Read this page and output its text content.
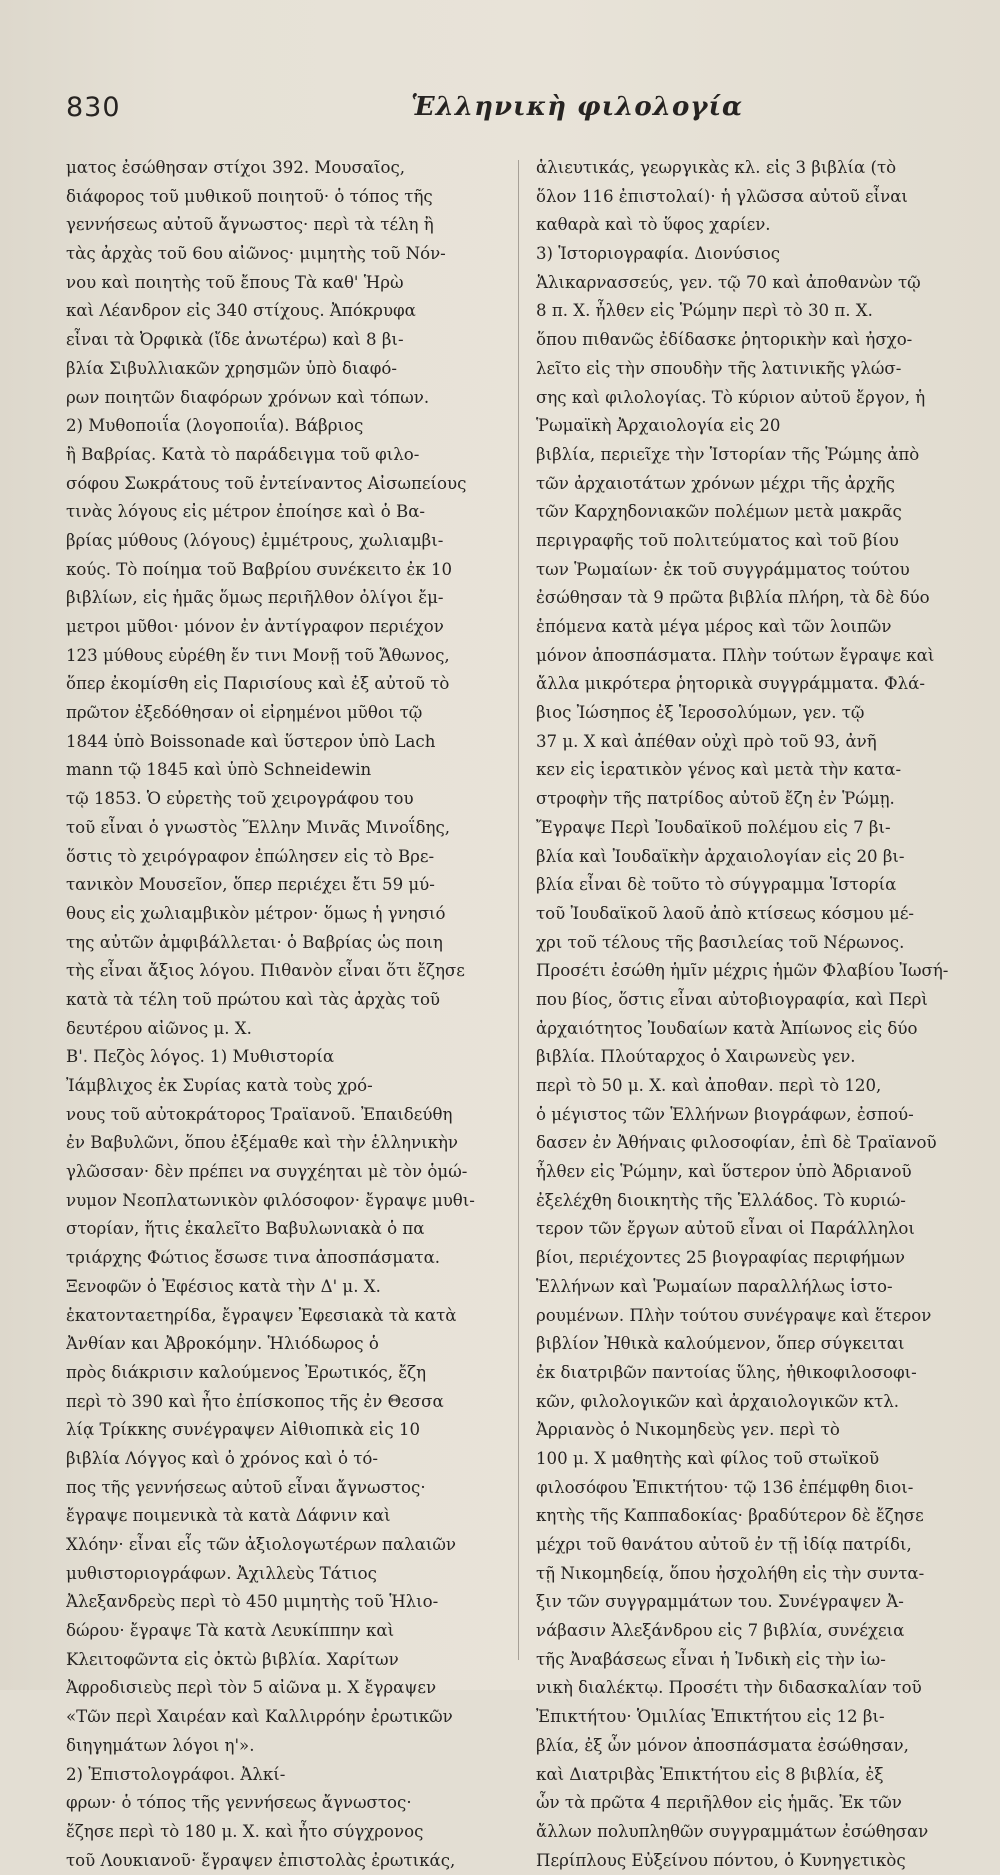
830	Ἑλληνικὴ φιλολογία
ματος ἐσώθησαν στίχοι 392. Μουσαῖος,
διάφορος τοῦ μυθικοῦ ποιητοῦ· ὁ τόπος τῆς
γεννήσεως αὐτοῦ ἄγνωστος· περὶ τὰ τέλη ἢ
τὰς ἀρχὰς τοῦ 6ου αἰῶνος· μιμητὴς τοῦ Νόν-
νου καὶ ποιητὴς τοῦ ἔπους Τὰ καθ' Ἡρὼ
καὶ Λέανδρον εἰς 340 στίχους. Ἀπόκρυφα
εἶναι τὰ Ὀρφικὰ (ἴδε ἀνωτέρω) καὶ 8 βι-
βλία Σιβυλλιακῶν χρησμῶν ὑπὸ διαφό-
ρων ποιητῶν διαφόρων χρόνων καὶ τόπων.
2) Μυθοποιΐα (λογοποιΐα). Βάβριος
ἢ Βαβρίας. Κατὰ τὸ παράδειγμα τοῦ φιλο-
σόφου Σωκράτους τοῦ ἐντείναντος Αἰσωπείους
τινὰς λόγους εἰς μέτρον ἐποίησε καὶ ὁ Βα-
βρίας μύθους (λόγους) ἐμμέτρους, χωλιαμβι-
κούς. Τὸ ποίημα τοῦ Βαβρίου συνέκειτο ἐκ 10
βιβλίων, εἰς ἡμᾶς ὅμως περιῆλθον ὀλίγοι ἔμ-
μετροι μῦθοι· μόνον ἐν ἀντίγραφον περιέχον
123 μύθους εὑρέθη ἔν τινι Μονῇ τοῦ Ἄθωνος,
ὅπερ ἐκομίσθη εἰς Παρισίους καὶ ἐξ αὐτοῦ τὸ
πρῶτον ἐξεδόθησαν οἱ εἰρημένοι μῦθοι τῷ
1844 ὑπὸ Boissonade καὶ ὕστερον ὑπὸ Lach
mann τῷ 1845 καὶ ὑπὸ Schneidewin
τῷ 1853. Ὁ εὑρετὴς τοῦ χειρογράφου του
τοῦ εἶναι ὁ γνωστὸς Ἕλλην Μινᾶς Μινοΐδης,
ὅστις τὸ χειρόγραφον ἐπώλησεν εἰς τὸ Βρε-
τανικὸν Μουσεῖον, ὅπερ περιέχει ἔτι 59 μύ-
θους εἰς χωλιαμβικὸν μέτρον· ὅμως ἡ γνησιό
της αὐτῶν ἀμφιβάλλεται· ὁ Βαβρίας ὡς ποιη
τὴς εἶναι ἄξιος λόγου. Πιθανὸν εἶναι ὅτι ἔζησε
κατὰ τὰ τέλη τοῦ πρώτου καὶ τὰς ἀρχὰς τοῦ
δευτέρου αἰῶνος μ. Χ.
Β'. Πεζὸς λόγος. 1) Μυθιστορία
Ἰάμβλιχος ἐκ Συρίας κατὰ τοὺς χρό-
νους τοῦ αὐτοκράτορος Τραϊανοῦ. Ἐπαιδεύθη
ἐν Βαβυλῶνι, ὅπου ἐξέμαθε καὶ τὴν ἑλληνικὴν
γλῶσσαν· δὲν πρέπει να συγχέηται μὲ τὸν ὁμώ-
νυμον Νεοπλατωνικὸν φιλόσοφον· ἔγραψε μυθι-
στορίαν, ἥτις ἐκαλεῖτο Βαβυλωνιακὰ ὁ πα
τριάρχης Φώτιος ἔσωσε τινα ἀποσπάσματα.
Ξενοφῶν ὁ Ἐφέσιος κατὰ τὴν Δ' μ. Χ.
ἑκατονταετηρίδα, ἔγραψεν Ἐφεσιακὰ τὰ κατὰ
Ἀνθίαν και Ἀβροκόμην. Ἡλιόδωρος ὁ
πρὸς διάκρισιν καλούμενος Ἐρωτικός, ἔζη
περὶ τὸ 390 καὶ ἦτο ἐπίσκοπος τῆς ἐν Θεσσα
λίᾳ Τρίκκης συνέγραψεν Αἰθιοπικὰ εἰς 10
βιβλία Λόγγος καὶ ὁ χρόνος καὶ ὁ τό-
πος τῆς γεννήσεως αὐτοῦ εἶναι ἄγνωστος·
ἔγραψε ποιμενικὰ τὰ κατὰ Δάφνιν καὶ
Χλόην· εἶναι εἷς τῶν ἀξιολογωτέρων παλαιῶν
μυθιστοριογράφων. Ἀχιλλεὺς Τάτιος
Ἀλεξανδρεὺς περὶ τὸ 450 μιμητὴς τοῦ Ἡλιο-
δώρου· ἔγραψε Τὰ κατὰ Λευκίππην καὶ
Κλειτοφῶντα εἰς ὀκτὼ βιβλία. Χαρίτων
Ἀφροδισιεὺς περὶ τὸν 5 αἰῶνα μ. Χ ἔγραψεν
«Τῶν περὶ Χαιρέαν καὶ Καλλιρρόην ἐρωτικῶν
διηγημάτων λόγοι η'».
2) Ἐπιστολογράφοι. Ἀλκί-
φρων· ὁ τόπος τῆς γεννήσεως ἄγνωστος·
ἔζησε περὶ τὸ 180 μ. Χ. καὶ ἦτο σύγχρονος
τοῦ Λουκιανοῦ· ἔγραψεν ἐπιστολὰς ἐρωτικάς,
ἁλιευτικάς, γεωργικὰς κλ. εἰς 3 βιβλία (τὸ
ὅλον 116 ἐπιστολαί)· ἡ γλῶσσα αὐτοῦ εἶναι
καθαρὰ καὶ τὸ ὕφος χαρίεν.
3) Ἱστοριογραφία. Διονύσιος
Ἁλικαρνασσεύς, γεν. τῷ 70 καὶ ἀποθανὼν τῷ
8 π. Χ. ἦλθεν εἰς Ῥώμην περὶ τὸ 30 π. Χ.
ὅπου πιθανῶς ἐδίδασκε ῥητορικὴν καὶ ἠσχο-
λεῖτο εἰς τὴν σπουδὴν τῆς λατινικῆς γλώσ-
σης καὶ φιλολογίας. Τὸ κύριον αὐτοῦ ἔργον, ἡ
Ῥωμαϊκὴ Ἀρχαιολογία εἰς 20
βιβλία, περιεῖχε τὴν Ἱστορίαν τῆς Ῥώμης ἀπὸ
τῶν ἀρχαιοτάτων χρόνων μέχρι τῆς ἀρχῆς
τῶν Καρχηδονιακῶν πολέμων μετὰ μακρᾶς
περιγραφῆς τοῦ πολιτεύματος καὶ τοῦ βίου
των Ῥωμαίων· ἐκ τοῦ συγγράμματος τούτου
ἐσώθησαν τὰ 9 πρῶτα βιβλία πλήρη, τὰ δὲ δύο
ἑπόμενα κατὰ μέγα μέρος καὶ τῶν λοιπῶν
μόνον ἀποσπάσματα. Πλὴν τούτων ἔγραψε καὶ
ἄλλα μικρότερα ῥητορικὰ συγγράμματα. Φλά-
βιος Ἰώσηπος ἐξ Ἱεροσολύμων, γεν. τῷ
37 μ. Χ καὶ ἀπέθαν οὐχὶ πρὸ τοῦ 93, ἀνῆ
κεν εἰς ἱερατικὸν γένος καὶ μετὰ τὴν κατα-
στροφὴν τῆς πατρίδος αὐτοῦ ἔζη ἐν Ῥώμῃ.
Ἔγραψε Περὶ Ἰουδαϊκοῦ πολέμου εἰς 7 βι-
βλία καὶ Ἰουδαϊκὴν ἀρχαιολογίαν εἰς 20 βι-
βλία εἶναι δὲ τοῦτο τὸ σύγγραμμα Ἱστορία
τοῦ Ἰουδαϊκοῦ λαοῦ ἀπὸ κτίσεως κόσμου μέ-
χρι τοῦ τέλους τῆς βασιλείας τοῦ Νέρωνος.
Προσέτι ἐσώθη ἡμῖν μέχρις ἡμῶν Φλαβίου Ἰωσή-
που βίος, ὅστις εἶναι αὐτοβιογραφία, καὶ Περὶ
ἀρχαιότητος Ἰουδαίων κατὰ Ἀπίωνος εἰς δύο
βιβλία. Πλούταρχος ὁ Χαιρωνεὺς γεν.
περὶ τὸ 50 μ. Χ. καὶ ἀποθαν. περὶ τὸ 120,
ὁ μέγιστος τῶν Ἑλλήνων βιογράφων, ἐσπού-
δασεν ἐν Ἀθήναις φιλοσοφίαν, ἐπὶ δὲ Τραϊανοῦ
ἦλθεν εἰς Ῥώμην, καὶ ὕστερον ὑπὸ Ἀδριανοῦ
ἐξελέχθη διοικητὴς τῆς Ἑλλάδος. Τὸ κυριώ-
τερον τῶν ἔργων αὐτοῦ εἶναι οἱ Παράλληλοι
βίοι, περιέχοντες 25 βιογραφίας περιφήμων
Ἑλλήνων καὶ Ῥωμαίων παραλλήλως ἱστο-
ρουμένων. Πλὴν τούτου συνέγραψε καὶ ἕτερον
βιβλίον Ἠθικὰ καλούμενον, ὅπερ σύγκειται
ἐκ διατριβῶν παντοίας ὕλης, ἠθικοφιλοσοφι-
κῶν, φιλολογικῶν καὶ ἀρχαιολογικῶν κτλ.
Ἀρριανὸς ὁ Νικομηδεὺς γεν. περὶ τὸ
100 μ. Χ μαθητὴς καὶ φίλος τοῦ στωϊκοῦ
φιλοσόφου Ἐπικτήτου· τῷ 136 ἐπέμφθη διοι-
κητὴς τῆς Καππαδοκίας· βραδύτερον δὲ ἔζησε
μέχρι τοῦ θανάτου αὐτοῦ ἐν τῇ ἰδίᾳ πατρίδι,
τῇ Νικομηδείᾳ, ὅπου ἠσχολήθη εἰς τὴν συντα-
ξιν τῶν συγγραμμάτων του. Συνέγραψεν Ἀ-
νάβασιν Ἀλεξάνδρου εἰς 7 βιβλία, συνέχεια
τῆς Ἀναβάσεως εἶναι ἡ Ἰνδικὴ εἰς τὴν ἰω-
νικὴ διαλέκτῳ. Προσέτι τὴν διδασκαλίαν τοῦ
Ἐπικτήτου· Ὁμιλίας Ἐπικτήτου εἰς 12 βι-
βλία, ἐξ ὧν μόνον ἀποσπάσματα ἐσώθησαν,
καὶ Διατριβὰς Ἐπικτήτου εἰς 8 βιβλία, ἐξ
ὧν τὰ πρῶτα 4 περιῆλθον εἰς ἡμᾶς. Ἐκ τῶν
ἄλλων πολυπληθῶν συγγραμμάτων ἐσώθησαν
Περίπλους Εὐξείνου πόντου, ὁ Κυνηγετικὸς
